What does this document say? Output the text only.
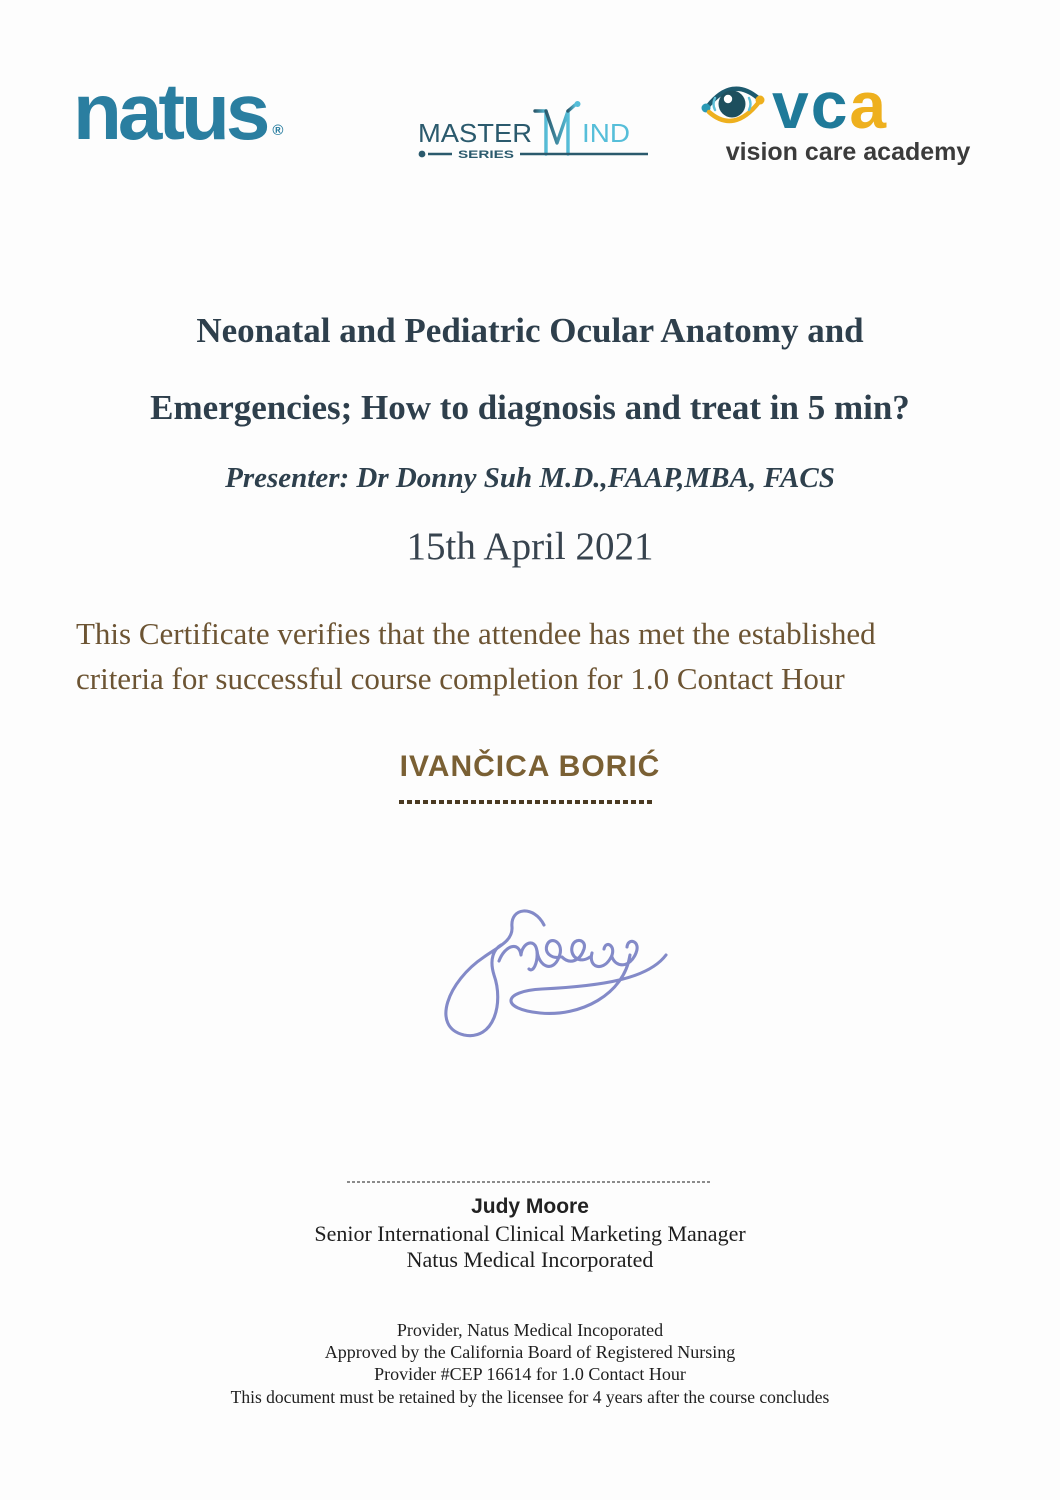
natus ®	MASTER IND
SERIES
vca
vision care academy
Neonatal and Pediatric Ocular Anatomy and
Emergencies; How to diagnosis and treat in 5 min?
Presenter: Dr Donny Suh M.D.,FAAP,MBA, FACS
15th April 2021
This Certificate verifies that the attendee has met the established
criteria for successful course completion for 1.0 Contact Hour
IVANČICA BORIĆ
Judy Moore
Senior International Clinical Marketing Manager
Natus Medical Incorporated
Provider, Natus Medical Incoporated
Approved by the California Board of Registered Nursing
Provider #CEP 16614 for 1.0 Contact Hour
This document must be retained by the licensee for 4 years after the course concludes
